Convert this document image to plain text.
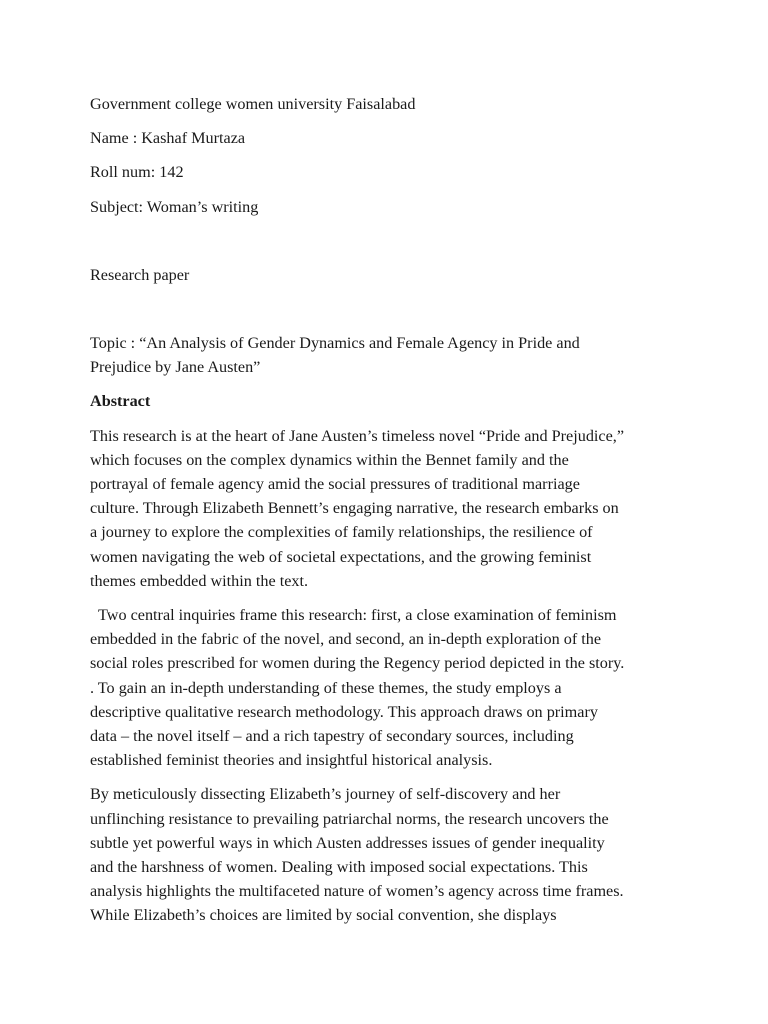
Government college women university Faisalabad

Name : Kashaf Murtaza

Roll num: 142

Subject: Woman’s writing

Research paper

Topic : “An Analysis of Gender Dynamics and Female Agency in Pride and
Prejudice by Jane Austen”

Abstract

This research is at the heart of Jane Austen’s timeless novel “Pride and Prejudice,”
which focuses on the complex dynamics within the Bennet family and the
portrayal of female agency amid the social pressures of traditional marriage
culture. Through Elizabeth Bennett’s engaging narrative, the research embarks on
a journey to explore the complexities of family relationships, the resilience of
women navigating the web of societal expectations, and the growing feminist
themes embedded within the text.

Two central inquiries frame this research: first, a close examination of feminism
embedded in the fabric of the novel, and second, an in-depth exploration of the
social roles prescribed for women during the Regency period depicted in the story.
. To gain an in-depth understanding of these themes, the study employs a
descriptive qualitative research methodology. This approach draws on primary
data – the novel itself – and a rich tapestry of secondary sources, including
established feminist theories and insightful historical analysis.

By meticulously dissecting Elizabeth’s journey of self-discovery and her
unflinching resistance to prevailing patriarchal norms, the research uncovers the
subtle yet powerful ways in which Austen addresses issues of gender inequality
and the harshness of women. Dealing with imposed social expectations. This
analysis highlights the multifaceted nature of women’s agency across time frames.
While Elizabeth’s choices are limited by social convention, she displays
